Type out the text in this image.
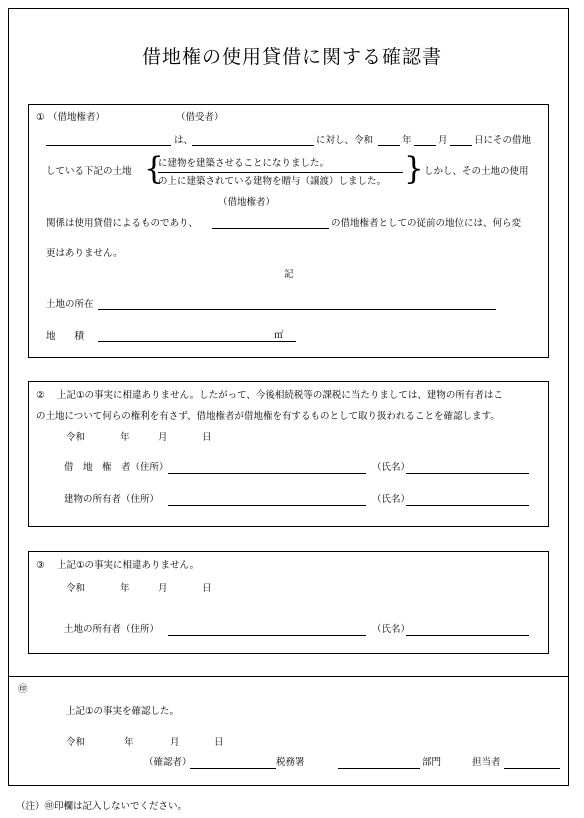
借地権の使用貸借に関する確認書
① （借地権者）	（借受者）
は、	に対し、令和	年	月	日にその借地
している下記の土地 {
に建物を建築させることになりました。
の上に建築されている建物を贈与（譲渡）しました。 } しかし、その土地の使用
（借地権者）
関係は使用貸借によるものであり、	の借地権者としての従前の地位には、何ら変
更はありません。
記
土地の所在
地　　積	㎡
② 上記①の事実に相違ありません。したがって、今後相続税等の課税に当たりましては、建物の所有者はこ
の土地について何らの権利を有さず、借地権者が借地権を有するものとして取り扱われることを確認します。
令和	年	月	日
借　地　権　者（住所）	（氏名）
建物の所有者（住所）	（氏名）
③ 上記①の事実に相違ありません。
令和	年	月	日
土地の所有者（住所）	（氏名）
㊞
上記①の事実を確認した。
令和	年	月	日
（確認者）	税務署	部門	担当者
（注）㊞印欄は記入しないでください。
